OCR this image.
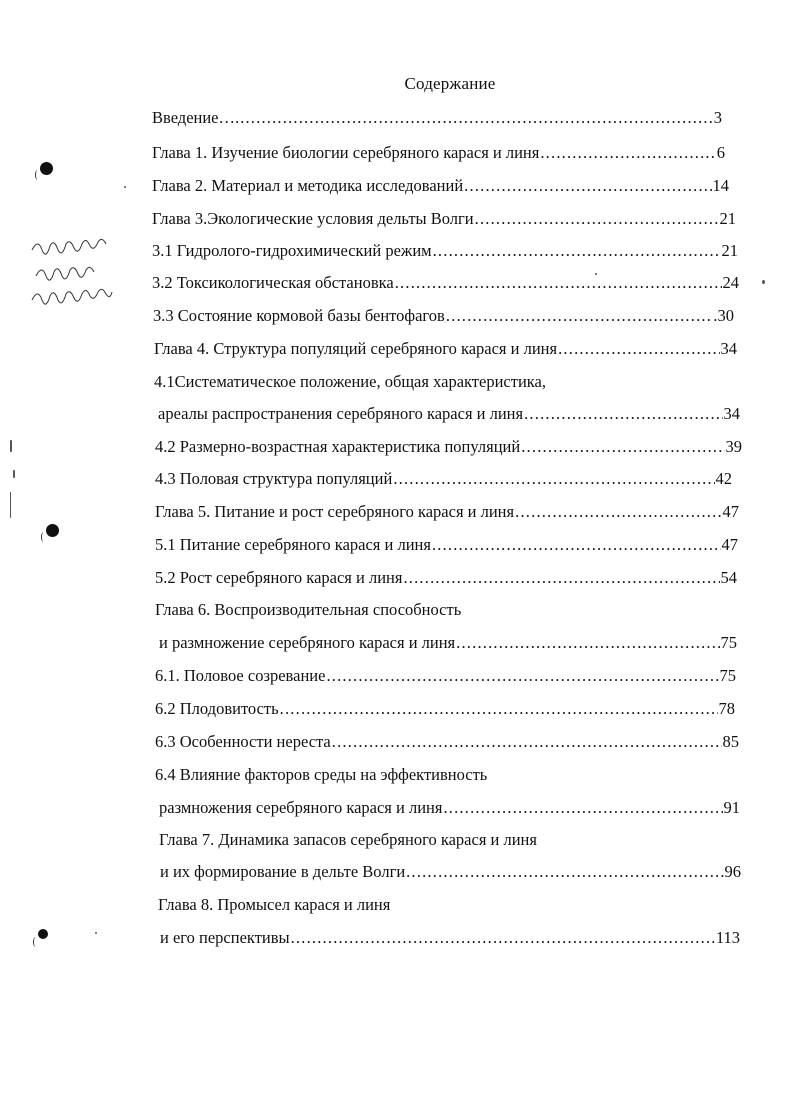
Содержание
Введение…. .....	3
Глава 1. Изучение биологии серебряного карася и линя .....	6
Глава 2. Материал и методика исследований .....	14
Глава 3.Экологические условия дельты Волги .....	21
3.1 Гидролого-гидрохимический режим .....	21
3.2 Токсикологическая обстановка .....	24
3.3 Состояние кормовой базы бентофагов .....	.30
Глава 4. Структура популяций серебряного карася и линя .....	34
4.1Систематическое положение, общая характеристика,
ареалы распространения серебряного карася и линя .....	34
4.2 Размерно-возрастная характеристика популяций .....	39
4.3 Половая структура популяций .....	42
Глава 5. Питание и рост серебряного карася и линя .....	47
5.1 Питание серебряного карася и линя .....	47
5.2 Рост серебряного карася и линя .....	54
Глава 6. Воспроизводительная способность
и размножение серебряного карася и линя .....	75
6.1. Половое созревание .....	75
6.2 Плодовитость .....	78
6.3 Особенности нереста .....	85
6.4 Влияние факторов среды на эффективность
размножения серебряного карася и линя .....	91
Глава 7. Динамика запасов серебряного карася и линя
и их формирование в дельте Волги .....	96
Глава 8. Промысел карася и линя
и его перспективы .....	113
